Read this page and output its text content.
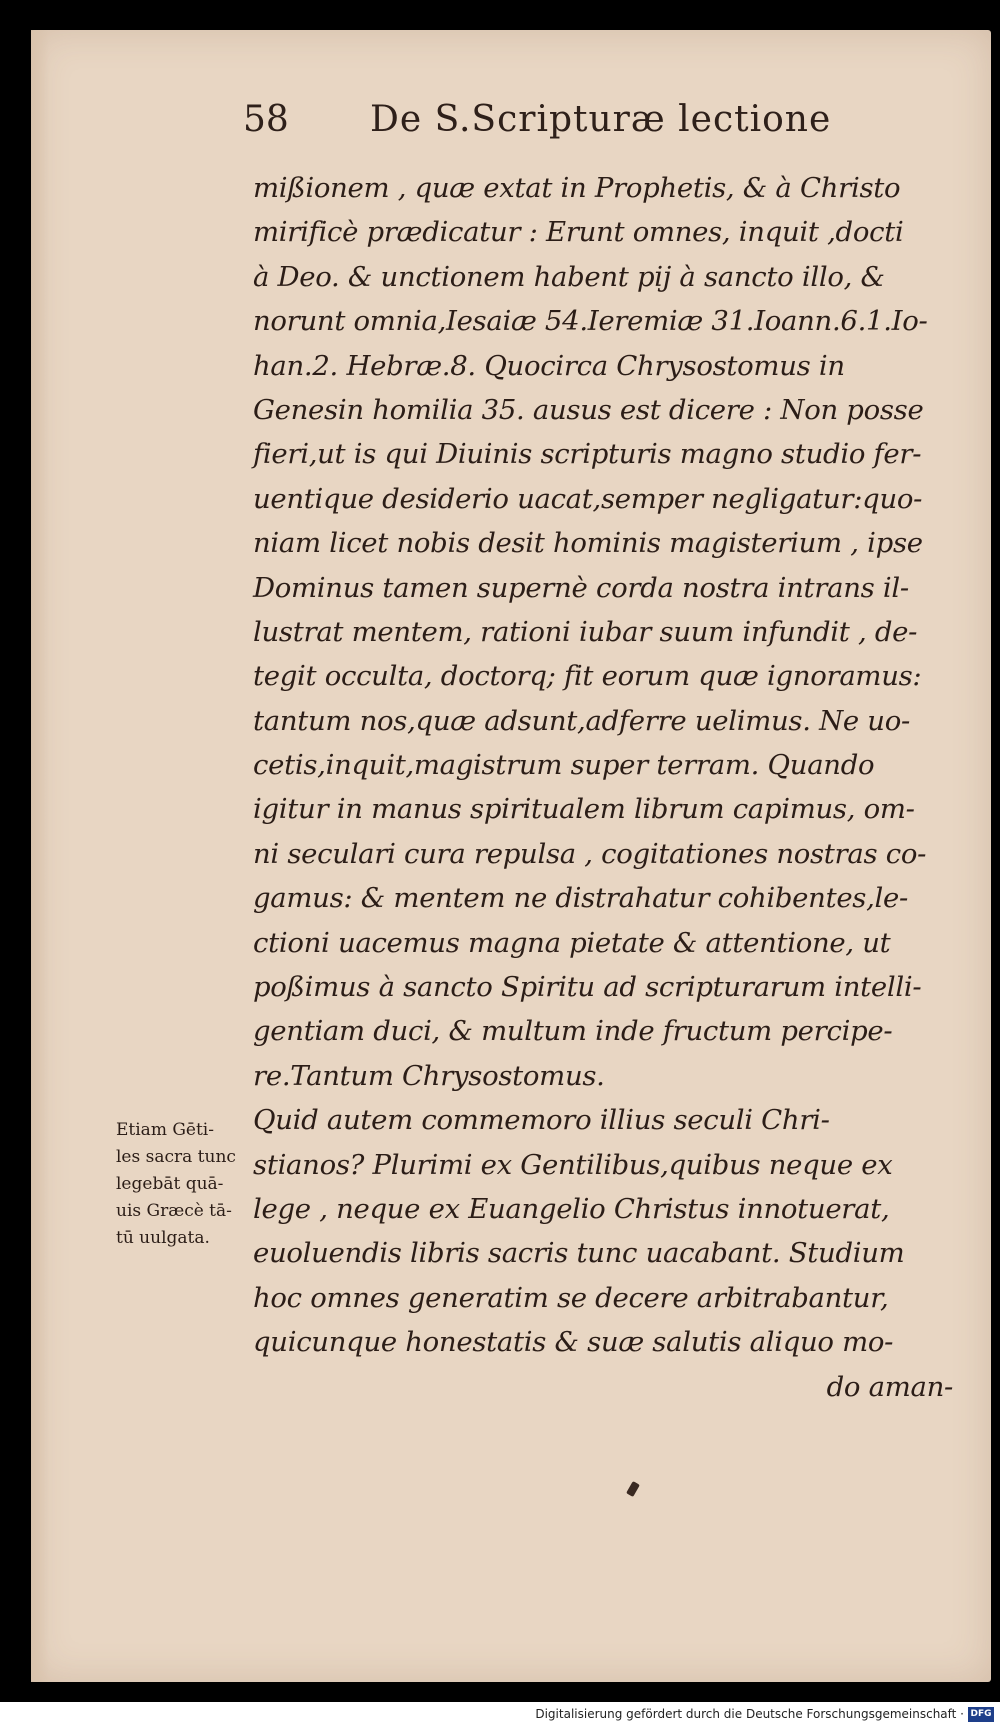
58 De S.Scripturæ lectione
mißionem , quæ extat in Prophetis, & à Christo
mirificè prædicatur : Erunt omnes, inquit ,docti
à Deo. & unctionem habent pij à sancto illo, &
norunt omnia,Iesaiæ 54.Ieremiæ 31.Ioann.6.1.Io-
han.2. Hebræ.8. Quocirca Chrysostomus in
Genesin homilia 35. ausus est dicere : Non posse
fieri,ut is qui Diuinis scripturis magno studio fer-
uentique desiderio uacat,semper negligatur:quo-
niam licet nobis desit hominis magisterium , ipse
Dominus tamen supernè corda nostra intrans il-
lustrat mentem, rationi iubar suum infundit , de-
tegit occulta, doctorq; fit eorum quæ ignoramus:
tantum nos,quæ adsunt,adferre uelimus. Ne uo-
cetis,inquit,magistrum super terram. Quando
igitur in manus spiritualem librum capimus, om-
ni seculari cura repulsa , cogitationes nostras co-
gamus: & mentem ne distrahatur cohibentes,le-
ctioni uacemus magna pietate & attentione, ut
poßimus à sancto Spiritu ad scripturarum intelli-
gentiam duci, & multum inde fructum percipe-
re.Tantum Chrysostomus.
Quid autem commemoro illius seculi Chri-
stianos? Plurimi ex Gentilibus,quibus neque ex
lege , neque ex Euangelio Christus innotuerat,
euoluendis libris sacris tunc uacabant. Studium
hoc omnes generatim se decere arbitrabantur,
quicunque honestatis & suæ salutis aliquo mo-
do aman-
Etiam Gēti-
les sacra tunc
legebāt quā-
uis Græcè tā-
tū uulgata.
Digitalisierung gefördert durch die Deutsche Forschungsgemeinschaft · DFG
